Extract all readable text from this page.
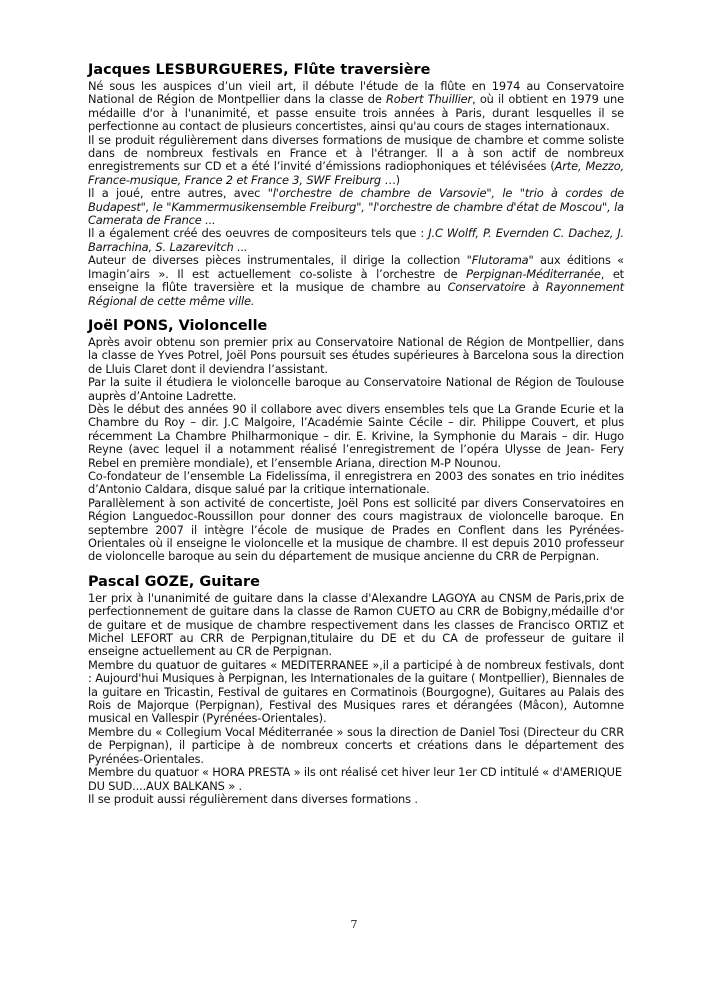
Jacques LESBURGUERES, Flûte traversière

Né sous les auspices d’un vieil art, il débute l'étude de la flûte en 1974 au Conservatoire National de Région de Montpellier dans la classe de Robert Thuillier, où il obtient en 1979 une médaille d'or à l'unanimité, et passe ensuite trois années à Paris, durant lesquelles il se perfectionne au contact de plusieurs concertistes, ainsi qu'au cours de stages internationaux.

Il se produit régulièrement dans diverses formations de musique de chambre et comme soliste dans de nombreux festivals en France et à l'étranger. Il a à son actif de nombreux enregistrements sur CD et a été l’invité d’émissions radiophoniques et télévisées (Arte, Mezzo, France-musique, France 2 et France 3, SWF Freiburg …)

Il a joué, entre autres, avec "l'orchestre de chambre de Varsovie", le "trio à cordes de Budapest", le "Kammermusikensemble Freiburg", "l'orchestre de chambre d'état de Moscou", la Camerata de France ...

Il a également créé des oeuvres de compositeurs tels que : J.C Wolff, P. Evernden C. Dachez, J. Barrachina, S. Lazarevitch ...

Auteur de diverses pièces instrumentales, il dirige la collection "Flutorama" aux éditions « Imagin’airs ». Il est actuellement co-soliste à l’orchestre de Perpignan-Méditerranée, et enseigne la flûte traversière et la musique de chambre au Conservatoire à Rayonnement Régional de cette même ville.

Joël PONS, Violoncelle

Après avoir obtenu son premier prix au Conservatoire National de Région de Montpellier, dans la classe de Yves Potrel, Joël Pons poursuit ses études supérieures à Barcelona sous la direction de Lluis Claret dont il deviendra l’assistant.

Par la suite il étudiera le violoncelle baroque au Conservatoire National de Région de Toulouse auprès d’Antoine Ladrette.

Dès le début des années 90 il collabore avec divers ensembles tels que La Grande Ecurie et la Chambre du Roy – dir. J.C Malgoire, l’Académie Sainte Cécile – dir. Philippe Couvert, et plus récemment La Chambre Philharmonique – dir. E. Krivine, la Symphonie du Marais – dir. Hugo Reyne (avec lequel il a notamment réalisé l’enregistrement de l’opéra Ulysse de Jean- Fery Rebel en première mondiale), et l’ensemble Ariana, direction M-P Nounou.

Co-fondateur de l’ensemble La Fidelissíma, il enregistrera en 2003 des sonates en trio inédites d’Antonio Caldara, disque salué par la critique internationale.

Parallèlement à son activité de concertiste, Joël Pons est sollicité par divers Conservatoires en Région Languedoc-Roussillon pour donner des cours magistraux de violoncelle baroque. En septembre 2007 il intègre l’école de musique de Prades en Conflent dans les Pyrénées-Orientales où il enseigne le violoncelle et la musique de chambre. Il est depuis 2010 professeur de violoncelle baroque au sein du département de musique ancienne du CRR de Perpignan.

Pascal GOZE, Guitare

1er prix à l'unanimité de guitare dans la classe d'Alexandre LAGOYA au CNSM de Paris,prix de perfectionnement de guitare dans la classe de Ramon CUETO au CRR de Bobigny,médaille d'or de guitare et de musique de chambre respectivement dans les classes de Francisco ORTIZ et Michel LEFORT au CRR de Perpignan,titulaire du DE et du CA de professeur de guitare il enseigne actuellement au CR de Perpignan.

Membre du quatuor de guitares « MEDITERRANEE »,il a participé à de nombreux festivals, dont : Aujourd'hui Musiques à Perpignan, les Internationales de la guitare ( Montpellier), Biennales de la guitare en Tricastin, Festival de guitares en Cormatinois (Bourgogne), Guitares au Palais des Rois de Majorque (Perpignan), Festival des Musiques rares et dérangées (Mâcon), Automne musical en Vallespir (Pyrénées-Orientales).

Membre du « Collegium Vocal Méditerranée » sous la direction de Daniel Tosi (Directeur du CRR de Perpignan), il participe à de nombreux concerts et créations dans le département des Pyrénées-Orientales.

Membre du quatuor « HORA PRESTA » ils ont réalisé cet hiver leur 1er CD intitulé « d'AMERIQUE DU SUD....AUX BALKANS » .

Il se produit aussi régulièrement dans diverses formations .

7
